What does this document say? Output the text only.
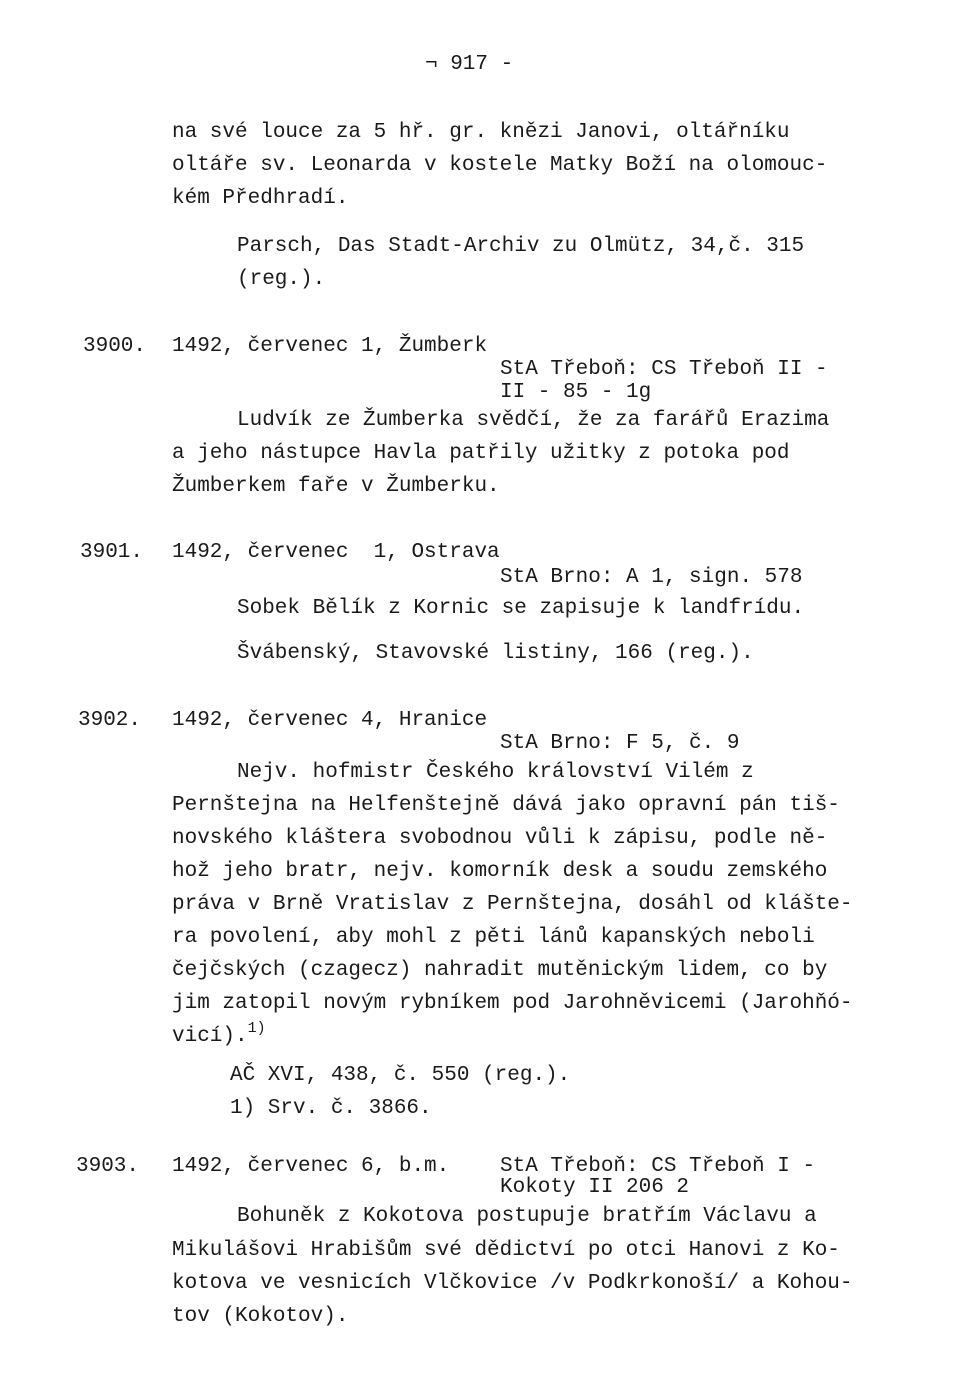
¬ 917 -
na své louce za 5 hř. gr. knězi Janovi, oltářníku
oltáře sv. Leonarda v kostele Matky Boží na olomouc-
kém Předhradí.
Parsch, Das Stadt-Archiv zu Olmütz, 34,č. 315
(reg.).
3900. 1492, červenec 1, Žumberk
StA Třeboň: CS Třeboň II -
II - 85 - 1g
Ludvík ze Žumberka svědčí, že za farářů Erazima
a jeho nástupce Havla patřily užitky z potoka pod
Žumberkem faře v Žumberku.
3901. 1492, červenec  1, Ostrava
StA Brno: A 1, sign. 578
Sobek Bělík z Kornic se zapisuje k landfrídu.
Švábenský, Stavovské listiny, 166 (reg.).
3902. 1492, červenec 4, Hranice
StA Brno: F 5, č. 9
Nejv. hofmistr Českého království Vilém z
Pernštejna na Helfenštejně dává jako opravní pán tiš-
novského kláštera svobodnou vůli k zápisu, podle ně-
hož jeho bratr, nejv. komorník desk a soudu zemského
práva v Brně Vratislav z Pernštejna, dosáhl od klášte-
ra povolení, aby mohl z pěti lánů kapanských neboli
čejčských (czagecz) nahradit mutěnickým lidem, co by
jim zatopil novým rybníkem pod Jarohněvicemi (Jarohňó-
vicí).$^{1)}$
AČ XVI, 438, č. 550 (reg.).
1) Srv. č. 3866.
3903. 1492, červenec 6, b.m. StA Třeboň: CS Třeboň I -
Kokoty II 206 2
Bohuněk z Kokotova postupuje bratřím Václavu a
Mikulášovi Hrabišům své dědictví po otci Hanovi z Ko-
kotova ve vesnicích Vlčkovice /v Podkrkonoší/ a Kohou-
tov (Kokotov).
